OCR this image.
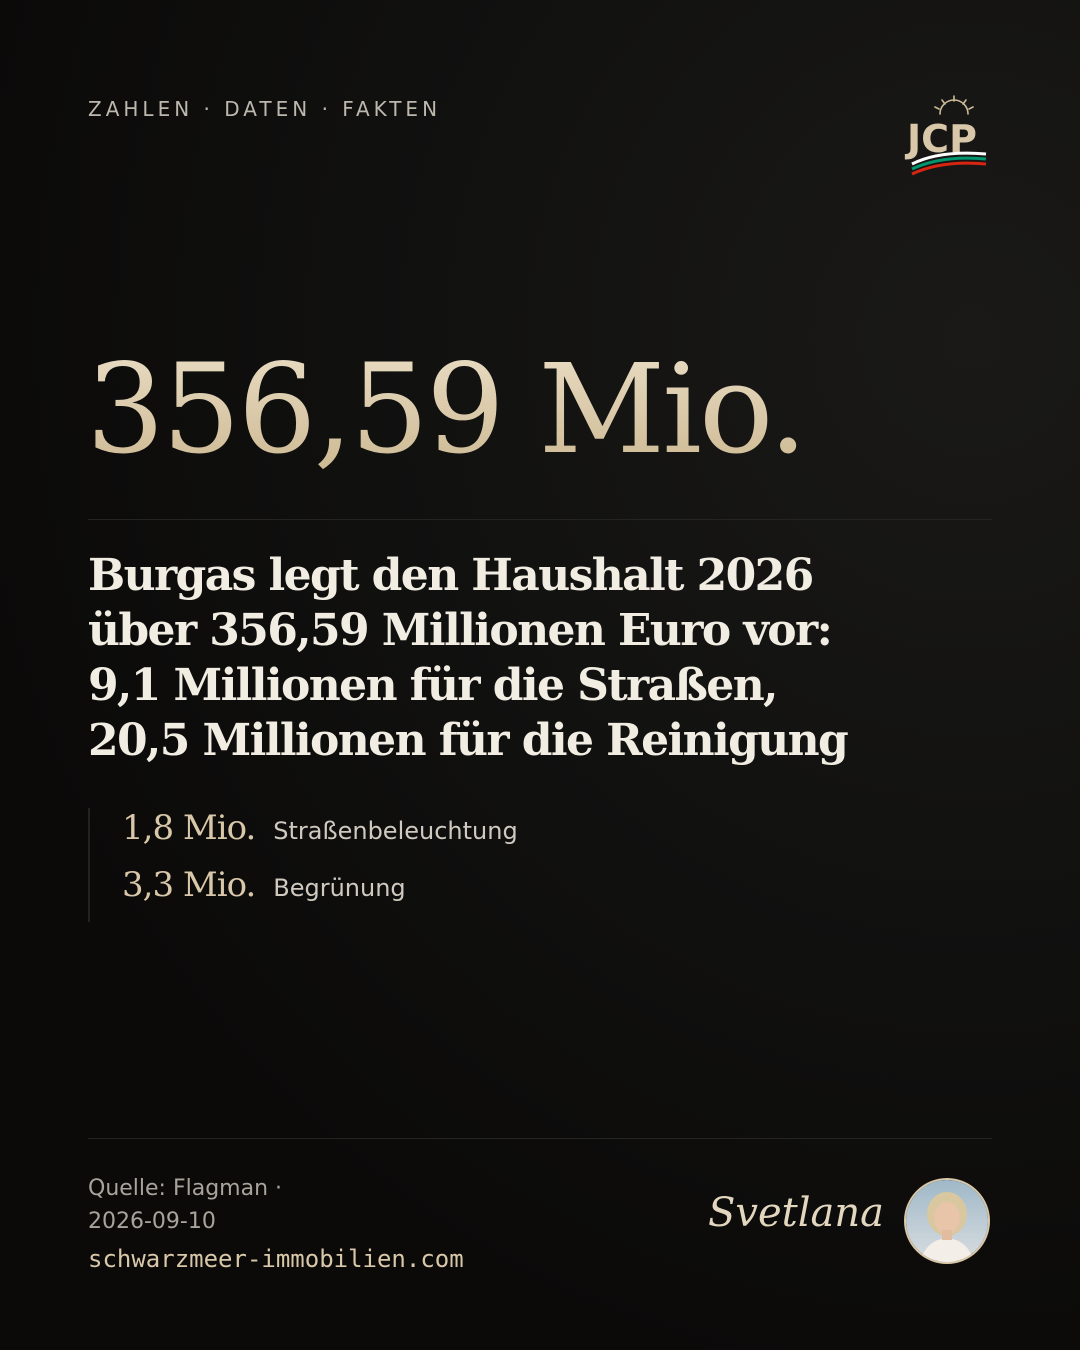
ZAHLEN · DATEN · FAKTEN
JCP
356,59 Mio.
Burgas legt den Haushalt 2026
über 356,59 Millionen Euro vor:
9,1 Millionen für die Straßen,
20,5 Millionen für die Reinigung
1,8 Mio. Straßenbeleuchtung
3,3 Mio. Begrünung
Quelle: Flagman ·
2026-09-10
schwarzmeer-immobilien.com
Svetlana
